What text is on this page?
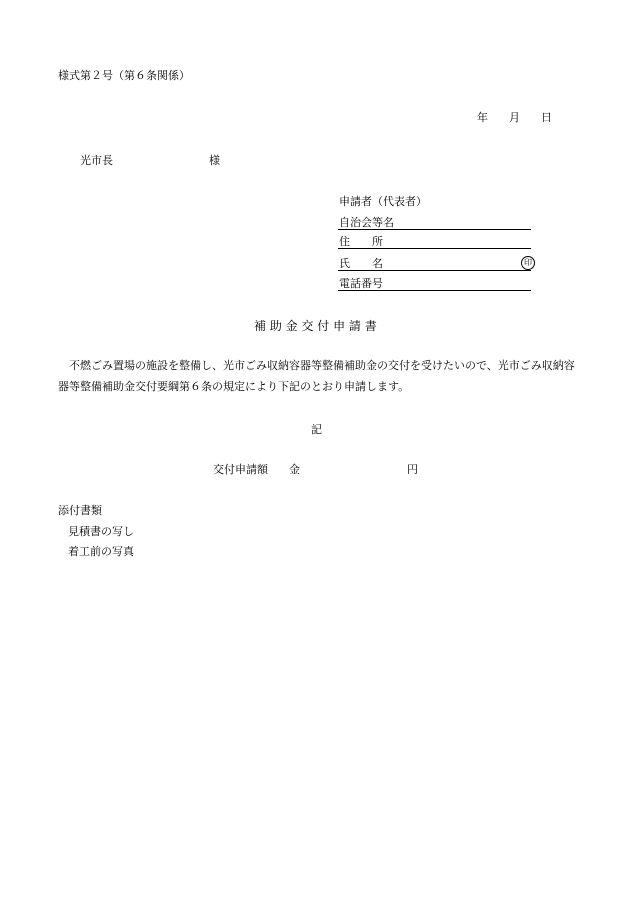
様式第２号（第６条関係）
年 月 日
光市長	様
申請者（代表者）
自治会等名
住　　所
氏　　名	印
電話番号
補 助 金 交 付 申 請 書
不燃ごみ置場の施設を整備し、光市ごみ収納容器等整備補助金の交付を受けたいので、光市ごみ収納容器等整備補助金交付要綱第６条の規定により下記のとおり申請します。
記
交付申請額 金	円
添付書類
見積書の写し
着工前の写真
